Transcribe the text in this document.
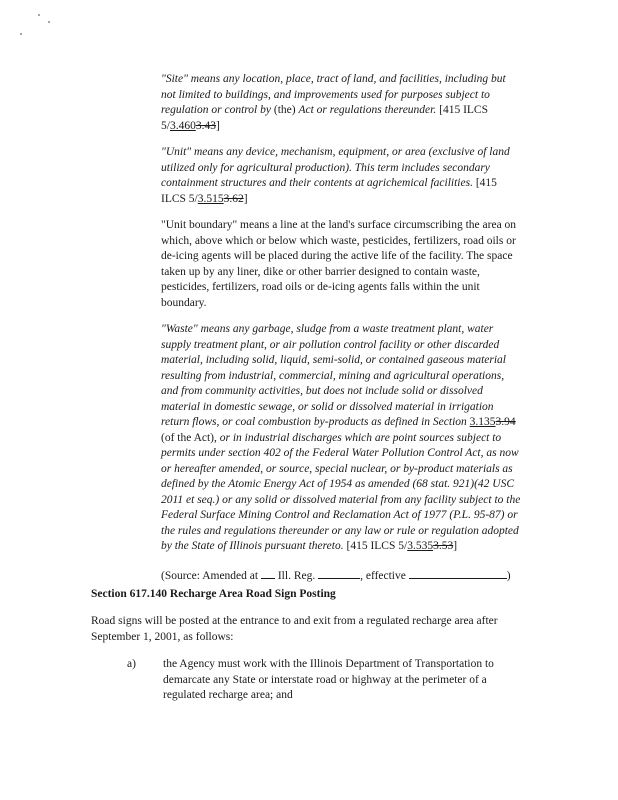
"Site" means any location, place, tract of land, and facilities, including but not limited to buildings, and improvements used for purposes subject to regulation or control by (the) Act or regulations thereunder. [415 ILCS 5/3.4603.43]

"Unit" means any device, mechanism, equipment, or area (exclusive of land utilized only for agricultural production). This term includes secondary containment structures and their contents at agrichemical facilities. [415 ILCS 5/3.5153.62]

"Unit boundary" means a line at the land's surface circumscribing the area on which, above which or below which waste, pesticides, fertilizers, road oils or de-icing agents will be placed during the active life of the facility. The space taken up by any liner, dike or other barrier designed to contain waste, pesticides, fertilizers, road oils or de-icing agents falls within the unit boundary.

"Waste" means any garbage, sludge from a waste treatment plant, water supply treatment plant, or air pollution control facility or other discarded material, including solid, liquid, semi-solid, or contained gaseous material resulting from industrial, commercial, mining and agricultural operations, and from community activities, but does not include solid or dissolved material in domestic sewage, or solid or dissolved material in irrigation return flows, or coal combustion by-products as defined in Section 3.1353.94 (of the Act), or in industrial discharges which are point sources subject to permits under section 402 of the Federal Water Pollution Control Act, as now or hereafter amended, or source, special nuclear, or by-product materials as defined by the Atomic Energy Act of 1954 as amended (68 stat. 921)(42 USC 2011 et seq.) or any solid or dissolved material from any facility subject to the Federal Surface Mining Control and Reclamation Act of 1977 (P.L. 95-87) or the rules and regulations thereunder or any law or rule or regulation adopted by the State of Illinois pursuant thereto. [415 ILCS 5/3.5353.53]

(Source: Amended at Ill. Reg.	, effective	)

Section 617.140 Recharge Area Road Sign Posting
Road signs will be posted at the entrance to and exit from a regulated recharge area after September 1, 2001, as follows:
a) the Agency must work with the Illinois Department of Transportation to demarcate any State or interstate road or highway at the perimeter of a regulated recharge area; and
